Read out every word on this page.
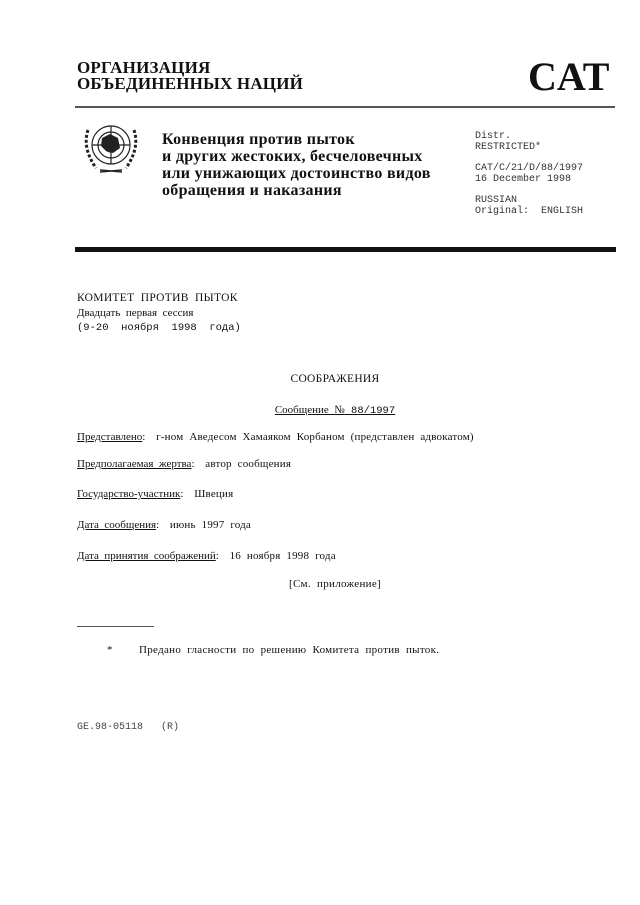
ОРГАНИЗАЦИЯ
ОБЪЕДИНЕННЫХ НАЦИЙ	CAT
Конвенция против пыток
и других жестоких, бесчеловечных
или унижающих достоинство видов
обращения и наказания
Distr.
RESTRICTED*
CAT/C/21/D/88/1997
16 December 1998
RUSSIAN
Original:  ENGLISH
КОМИТЕТ  ПРОТИВ  ПЫТОК
Двадцать  первая  сессия
(9-20  ноября  1998  года)
СООБРАЖЕНИЯ
Сообщение  № 88/1997
Представлено: г-ном  Аведесом  Хамаяком  Корбаном  (представлен  адвокатом)
Предполагаемая  жертва: автор  сообщения
Государство-участник: Швеция
Дата  сообщения: июнь  1997  года
Дата  принятия  соображений: 16  ноября  1998  года
[См.  приложение]
* Предано  гласности  по  решению  Комитета  против  пыток.
GE.98-05118   (R)
